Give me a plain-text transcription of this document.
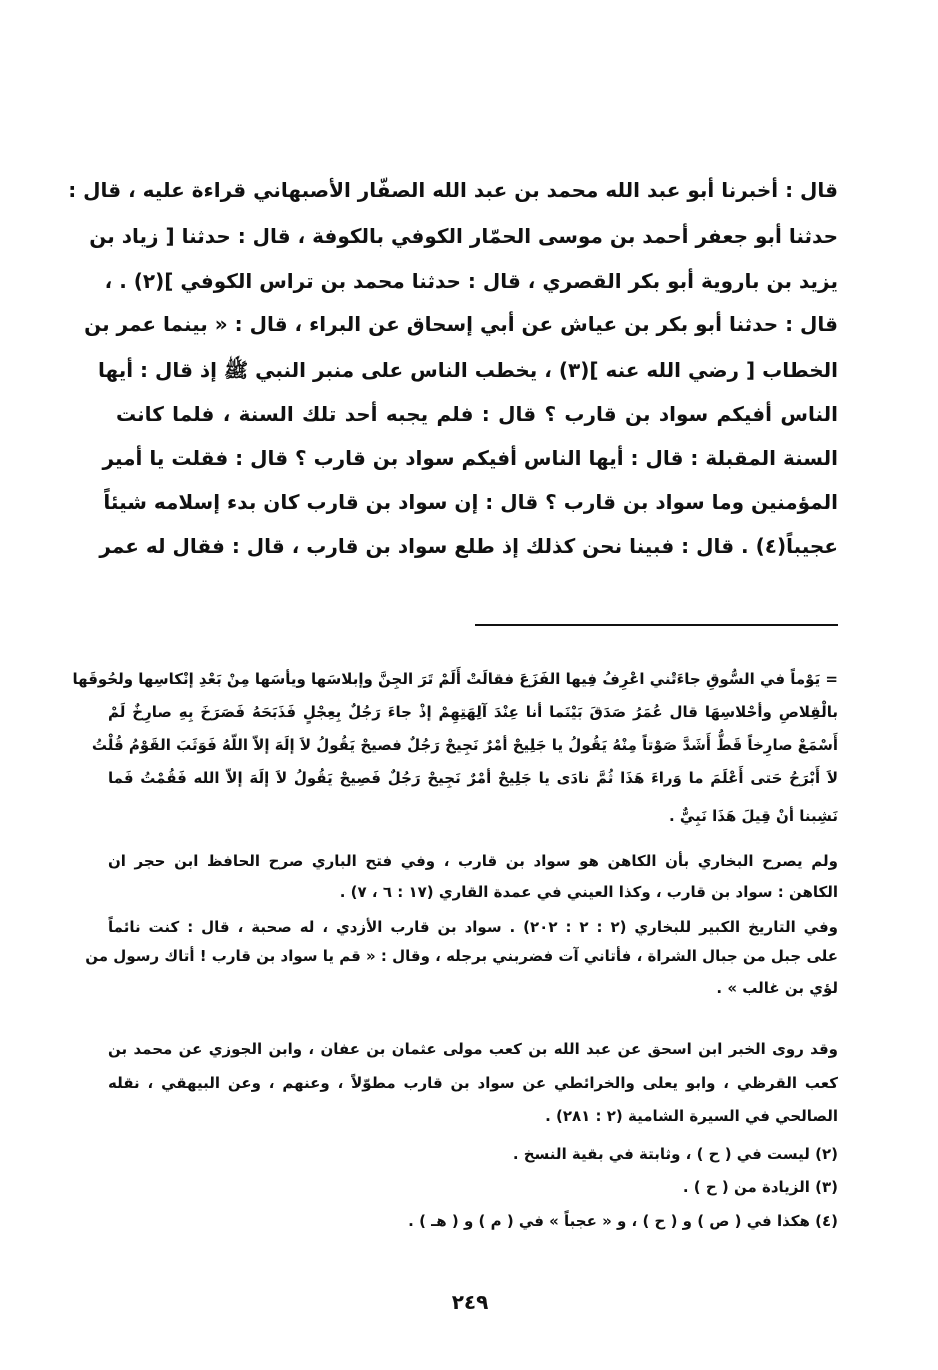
قال : أخبرنا أبو عبد الله محمد بن عبد الله الصفّار الأصبهاني قراءة عليه ، قال :
حدثنا أبو جعفر أحمد بن موسى الحمّار الكوفي بالكوفة ، قال : حدثنا [ زياد بن
يزيد بن باروية أبو بكر القصري ، قال : حدثنا محمد بن تراس الكوفي ](٢) . ،
قال : حدثنا أبو بكر بن عياش عن أبي إسحاق عن البراء ، قال : « بينما عمر بن
الخطاب [ رضي الله عنه ](٣) ، يخطب الناس على منبر النبي ﷺ إذ قال : أيها
الناس أفيكم سواد بن قارب ؟ قال : فلم يجبه أحد تلك السنة ، فلما كانت
السنة المقبلة : قال : أيها الناس أفيكم سواد بن قارب ؟ قال : فقلت يا أمير
المؤمنين وما سواد بن قارب ؟ قال : إن سواد بن قارب كان بدء إسلامه شيئاً
عجيباً(٤) . قال : فبينا نحن كذلك إذ طلع سواد بن قارب ، قال : فقال له عمر
= يَوْماً في السُّوقِ جاءَتْني اعْرِفُ فِيها الفَزَعَ فقالَتْ أَلَمْ تَرَ الجِنَّ وإبلاسَها ويأسَها مِنْ بَعْدِ إنْكاسِها ولحُوقَها
بالْقِلاصِ وأحْلاسِهَا قال عُمَرُ صَدَقَ بَيْنَما أنا عِنْدَ آلِهَتِهِمْ إذْ جاءَ رَجُلٌ بِعِجْلٍ فَذَبَحَهُ فَصَرَخَ بِهِ صارِخٌ لَمْ
أَسْمَعْ صارِخاً قَطُّ أَشَدَّ صَوْتاً مِنْهُ يَقُولُ يا جَلِيحْ أمْرٌ نَجِيحْ رَجُلٌ فصيحْ يَقُولُ لاَ إلَهَ إلاّ اللّهُ فَوَثَبَ القَوْمُ قُلْتُ
لاَ أَبْرَحُ حَتى أَعْلَمَ ما وَراءَ هَذَا ثُمَّ نادَى يا جَلِيحْ أمْرٌ نَجِيحْ رَجُلٌ فَصِيحْ يَقُولُ لاَ إلَهَ إلاّ الله فَقُمْتُ فَما
نَشِبنا أنْ قِيلَ هَذَا نَبِيٌّ .
ولم يصرح البخاري بأن الكاهن هو سواد بن قارب ، وفي فتح الباري صرح الحافظ ابن حجر ان
الكاهن : سواد بن قارب ، وكذا العيني في عمدة القاري (١٧ : ٦ ، ٧) .
وفي التاريخ الكبير للبخاري (٢ : ٢ : ٢٠٢) . سواد بن قارب الأزدي ، له صحبة ، قال : كنت نائماً
على جبل من جبال الشراة ، فأتاني آت فضربني برجله ، وقال : « قم يا سواد بن قارب ! أتاك رسول من
لؤي بن غالب » .
وقد روى الخبر ابن اسحق عن عبد الله بن كعب مولى عثمان بن عفان ، وابن الجوزي عن محمد بن
كعب القرظي ، وابو يعلى والخرائطي عن سواد بن قارب مطوّلاً ، وعنهم ، وعن البيهقي ، نقله
الصالحي في السيرة الشامية (٢ : ٢٨١) .
(٢) ليست في ( ح ) ، وثابتة في بقية النسخ .
(٣) الزيادة من ( ح ) .
(٤) هكذا في ( ص ) و ( ح ) ، و « عجباً » في ( م ) و ( هـ ) .
٢٤٩
